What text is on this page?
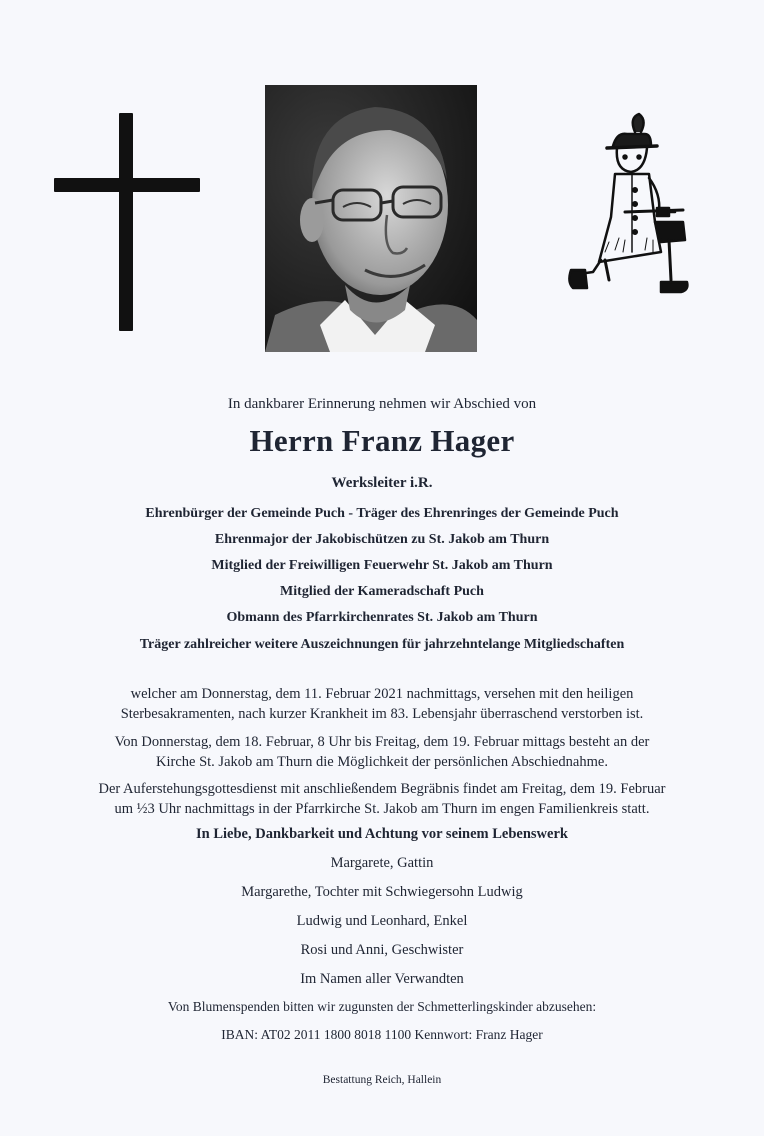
In dankbarer Erinnerung nehmen wir Abschied von
Herrn Franz Hager
Werksleiter i.R.
Ehrenbürger der Gemeinde Puch - Träger des Ehrenringes der Gemeinde Puch
Ehrenmajor der Jakobischützen zu St. Jakob am Thurn
Mitglied der Freiwilligen Feuerwehr St. Jakob am Thurn
Mitglied der Kameradschaft Puch
Obmann des Pfarrkirchenrates St. Jakob am Thurn
Träger zahlreicher weitere Auszeichnungen für jahrzehntelange Mitgliedschaften
welcher am Donnerstag, dem 11. Februar 2021 nachmittags, versehen mit den heiligen
Sterbesakramenten, nach kurzer Krankheit im 83. Lebensjahr überraschend verstorben ist.
Von Donnerstag, dem 18. Februar, 8 Uhr bis Freitag, dem 19. Februar mittags besteht an der
Kirche St. Jakob am Thurn die Möglichkeit der persönlichen Abschiednahme.
Der Auferstehungsgottesdienst mit anschließendem Begräbnis findet am Freitag, dem 19. Februar
um ½3 Uhr nachmittags in der Pfarrkirche St. Jakob am Thurn im engen Familienkreis statt.
In Liebe, Dankbarkeit und Achtung vor seinem Lebenswerk
Margarete, Gattin
Margarethe, Tochter mit Schwiegersohn Ludwig
Ludwig und Leonhard, Enkel
Rosi und Anni, Geschwister
Im Namen aller Verwandten
Von Blumenspenden bitten wir zugunsten der Schmetterlingskinder abzusehen:
IBAN: AT02 2011 1800 8018 1100 Kennwort: Franz Hager
Bestattung Reich, Hallein
